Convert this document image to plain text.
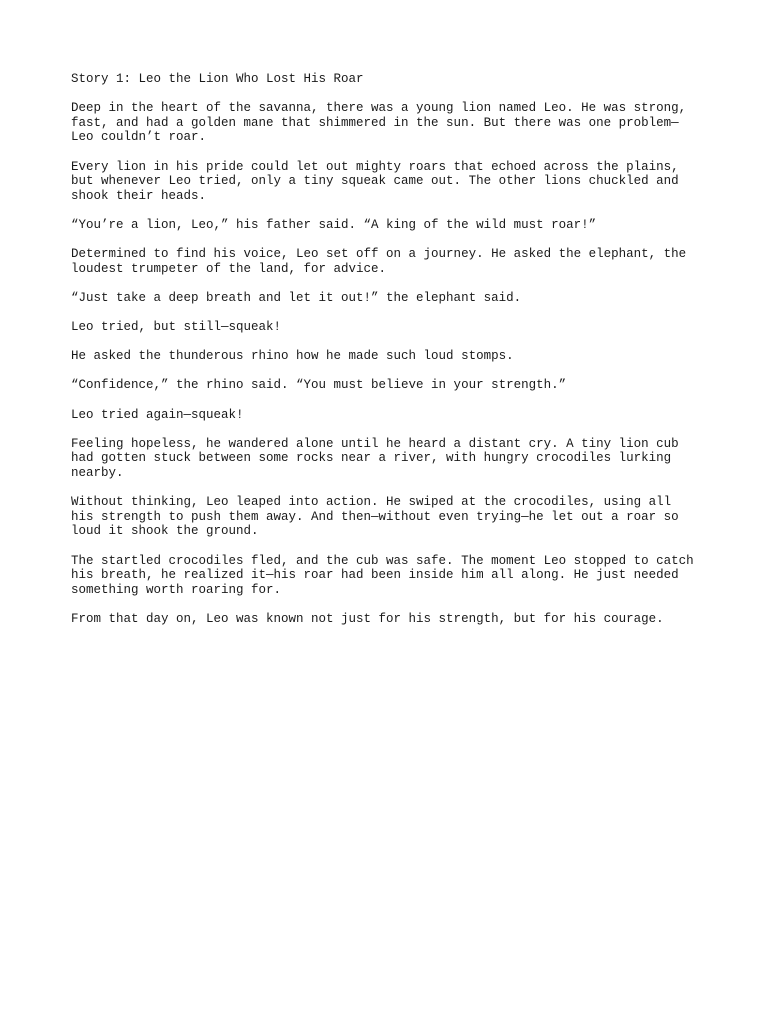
Story 1: Leo the Lion Who Lost His Roar

Deep in the heart of the savanna, there was a young lion named Leo. He was strong,
fast, and had a golden mane that shimmered in the sun. But there was one problem—
Leo couldn’t roar.

Every lion in his pride could let out mighty roars that echoed across the plains,
but whenever Leo tried, only a tiny squeak came out. The other lions chuckled and
shook their heads.

“You’re a lion, Leo,” his father said. “A king of the wild must roar!”

Determined to find his voice, Leo set off on a journey. He asked the elephant, the
loudest trumpeter of the land, for advice.

“Just take a deep breath and let it out!” the elephant said.

Leo tried, but still—squeak!

He asked the thunderous rhino how he made such loud stomps.

“Confidence,” the rhino said. “You must believe in your strength.”

Leo tried again—squeak!

Feeling hopeless, he wandered alone until he heard a distant cry. A tiny lion cub
had gotten stuck between some rocks near a river, with hungry crocodiles lurking
nearby.

Without thinking, Leo leaped into action. He swiped at the crocodiles, using all
his strength to push them away. And then—without even trying—he let out a roar so
loud it shook the ground.

The startled crocodiles fled, and the cub was safe. The moment Leo stopped to catch
his breath, he realized it—his roar had been inside him all along. He just needed
something worth roaring for.

From that day on, Leo was known not just for his strength, but for his courage.
